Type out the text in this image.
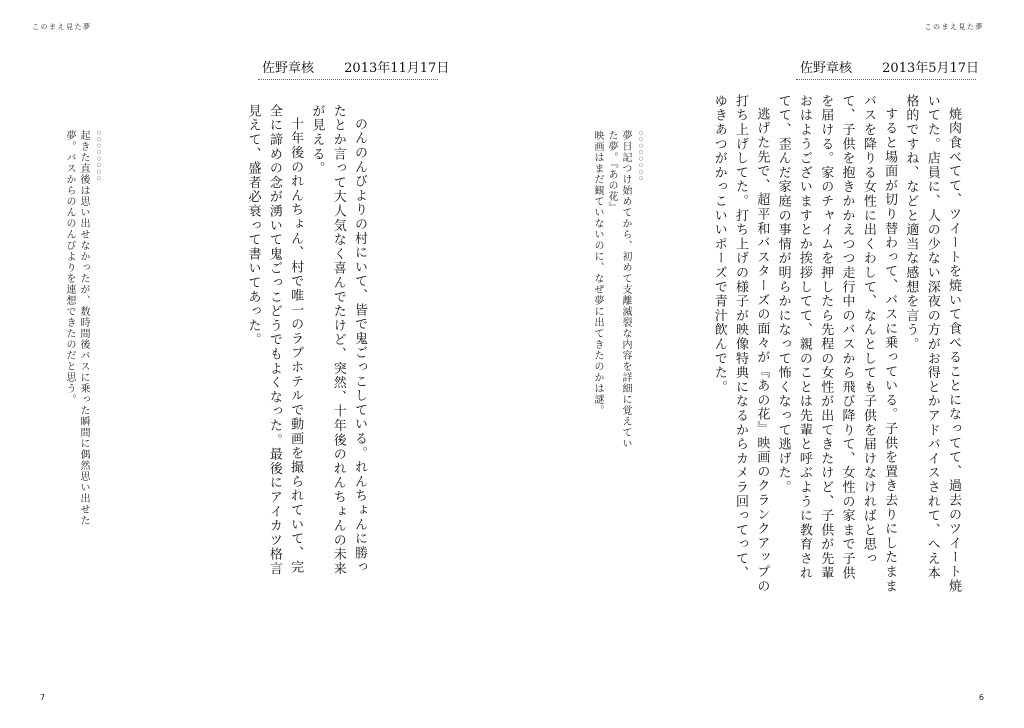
このまえ見た夢
佐野章核 2013年11月17日

のんのんびよりの村にいて、皆で鬼ごっこしている。れんちょんに勝ったとか言って大人気なく喜んでたけど、突然、十年後のれんちょんの未来が見える。

十年後のれんちょん、村で唯一のラブホテルで動画を撮られていて、完全に諦めの念が湧いて鬼ごっこどうでもよくなった。最後にアイカツ格言見えて、盛者必衰って書いてあった。

○○○○○○○○
起きた直後は思い出せなかったが、数時間後バスに乗った瞬間に偶然思い出せた
夢。バスからのんのんびよりを連想できたのだと思う。
7
このまえ見た夢
佐野章核 2013年5月17日

焼肉食べてて、ツイートを焼いて食べることになってて、過去のツイート焼いてた。店員に、人の少ない深夜の方がお得とかアドバイスされて、へえ本格的ですね、などと適当な感想を言う。

すると場面が切り替わって、バスに乗っている。子供を置き去りにしたままバスを降りる女性に出くわして、なんとしても子供を届けなければと思って、子供を抱きかかえつつ走行中のバスから飛び降りて、女性の家まで子供を届ける。家のチャイムを押したら先程の女性が出てきたけど、子供が先輩おはようございますとか挨拶してて、親のことは先輩と呼ぶように教育されてて、歪んだ家庭の事情が明らかになって怖くなって逃げた。

逃げた先で、超平和バスターズの面々が『あの花』映画のクランクアップの打ち上げしてた。打ち上げの様子が映像特典になるからカメラ回ってって、ゆきあつがかっこいいポーズで青汁飲んでた。

○○○○○○○○
夢日記つけ始めてから、初めて支離滅裂な内容を詳細に覚えていた夢。『あの花』
映画はまだ観ていないのに、なぜ夢に出てきたのかは謎。
6
